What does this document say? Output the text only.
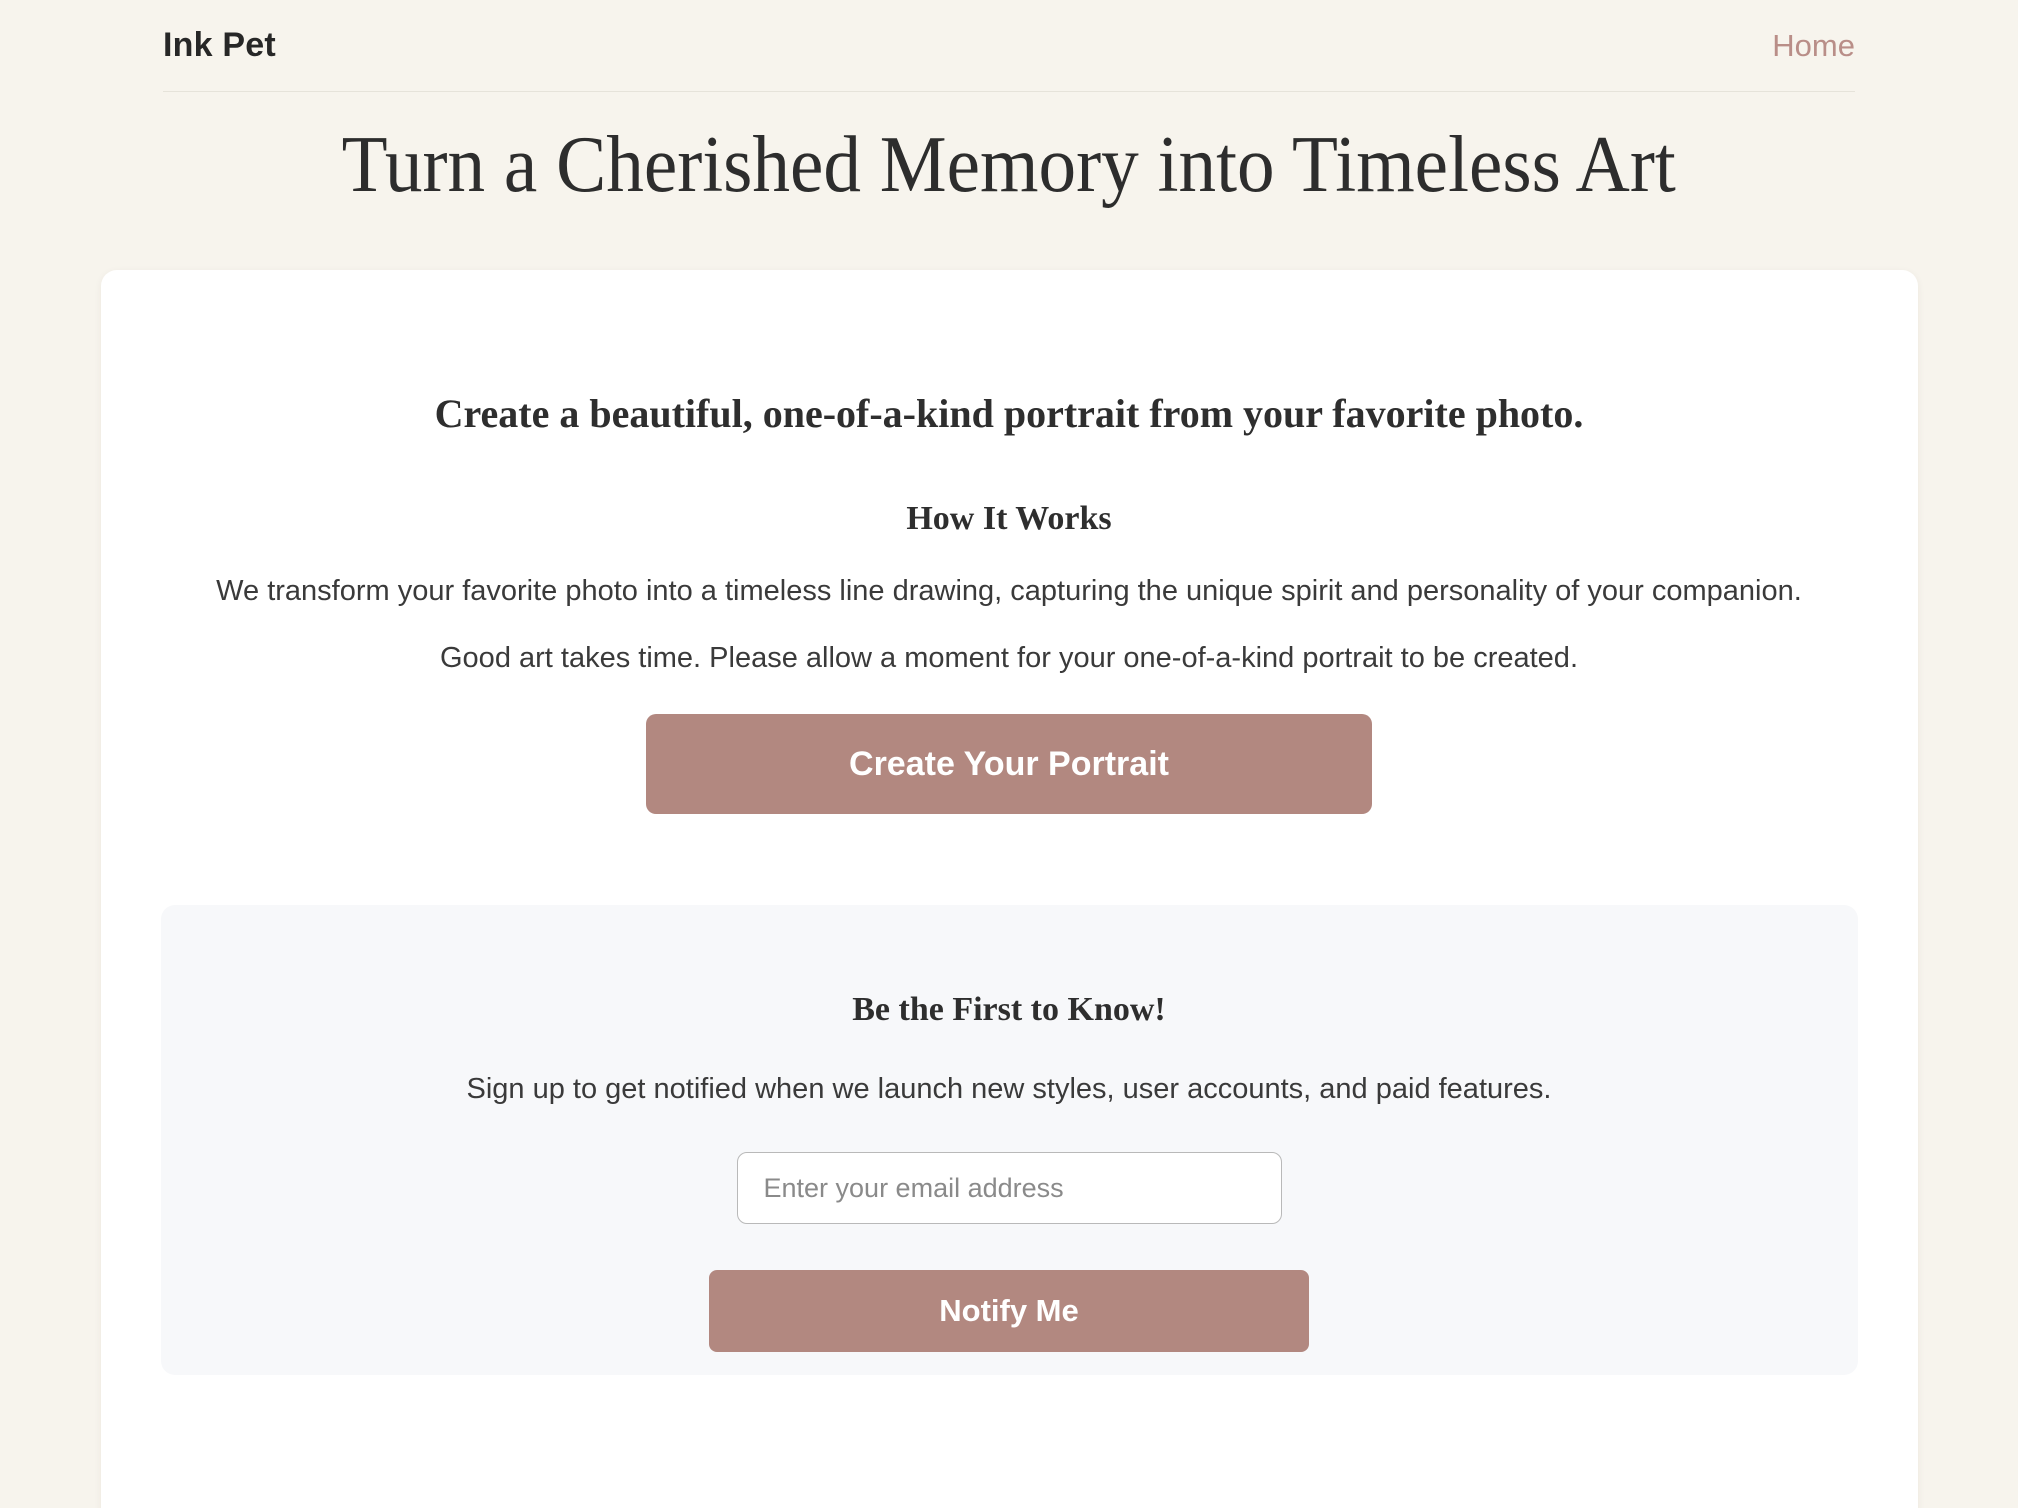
Ink Pet	Home
Turn a Cherished Memory into Timeless Art
Create a beautiful, one-of-a-kind portrait from your favorite photo.
How It Works

We transform your favorite photo into a timeless line drawing, capturing the unique spirit and personality of your companion.

Good art takes time. Please allow a moment for your one-of-a-kind portrait to be created.

Create Your Portrait
Be the First to Know!

Sign up to get notified when we launch new styles, user accounts, and paid features.

Enter your email address
Notify Me
